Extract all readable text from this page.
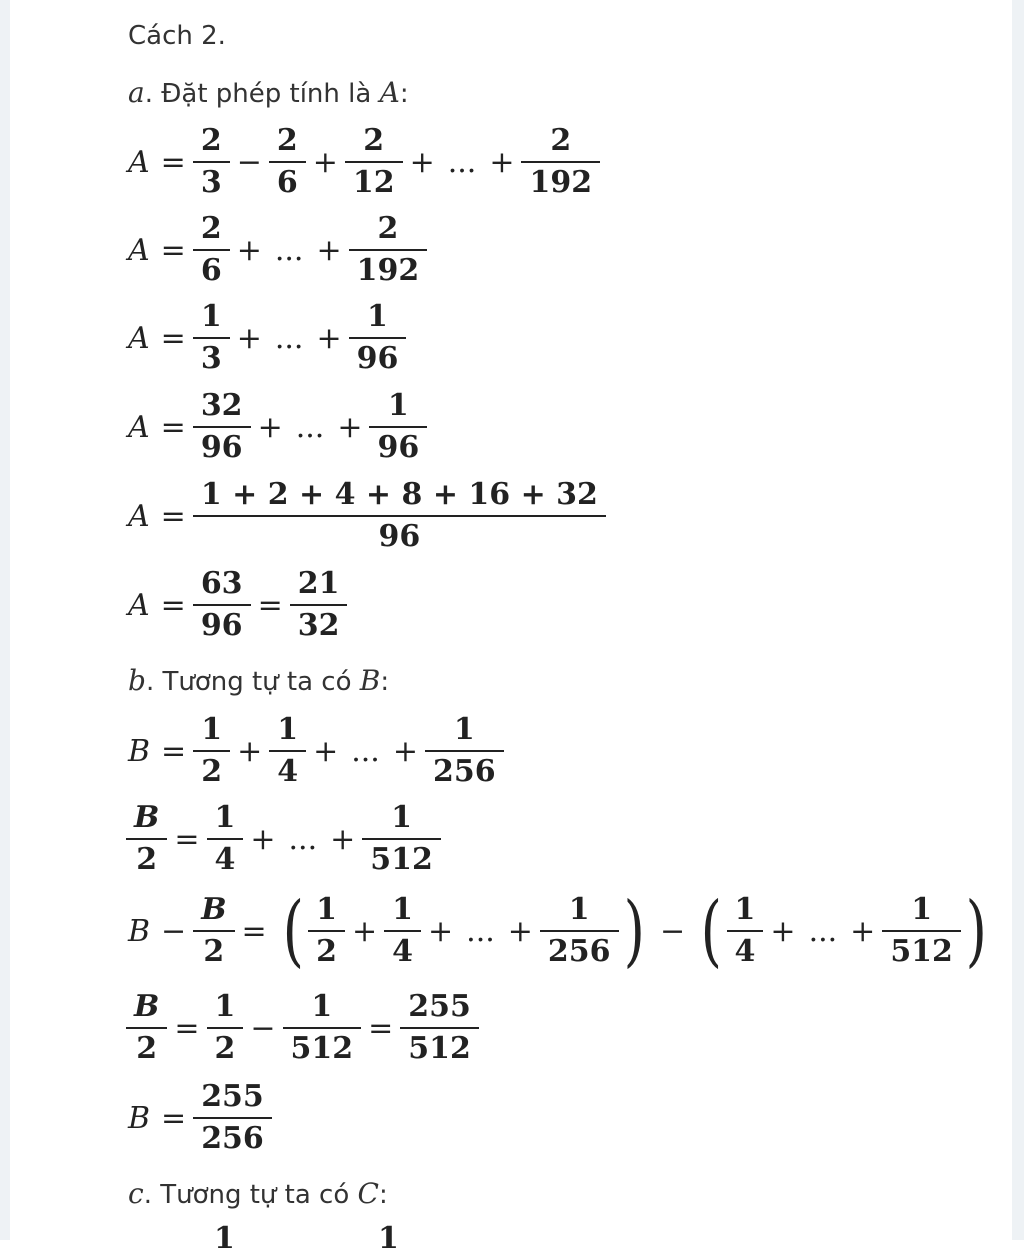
Cách 2.
a. Đặt phép tính là A:
$A = \frac{2}{3} - \frac{2}{6} + \frac{2}{12}$ + ... + $\frac{2}{192}$
$A = \frac{2}{6}$ + ... + $\frac{2}{192}$
$A = \frac{1}{3}$ + ... + $\frac{1}{96}$
$A = \frac{32}{96}$ + ... + $\frac{1}{96}$
$A = \frac{1 + 2 + 4 + 8 + 16 + 32}{96}$
$A = \frac{63}{96} = \frac{21}{32}$
b. Tương tự ta có B:
$B = \frac{1}{2} + \frac{1}{4}$ + ... + $\frac{1}{256}$
$\frac{B}{2} = \frac{1}{4}$ + ... + $\frac{1}{512}$
$B - \frac{B}{2}$ = ( $\frac{1}{2} + \frac{1}{4}$ + ... + $\frac{1}{256}$ ) − ( $\frac{1}{4}$ + ... + $\frac{1}{512}$ )
$\frac{B}{2} = \frac{1}{2} - \frac{1}{512} = \frac{255}{512}$
$B = \frac{255}{256}$
c. Tương tự ta có C:
1	1
